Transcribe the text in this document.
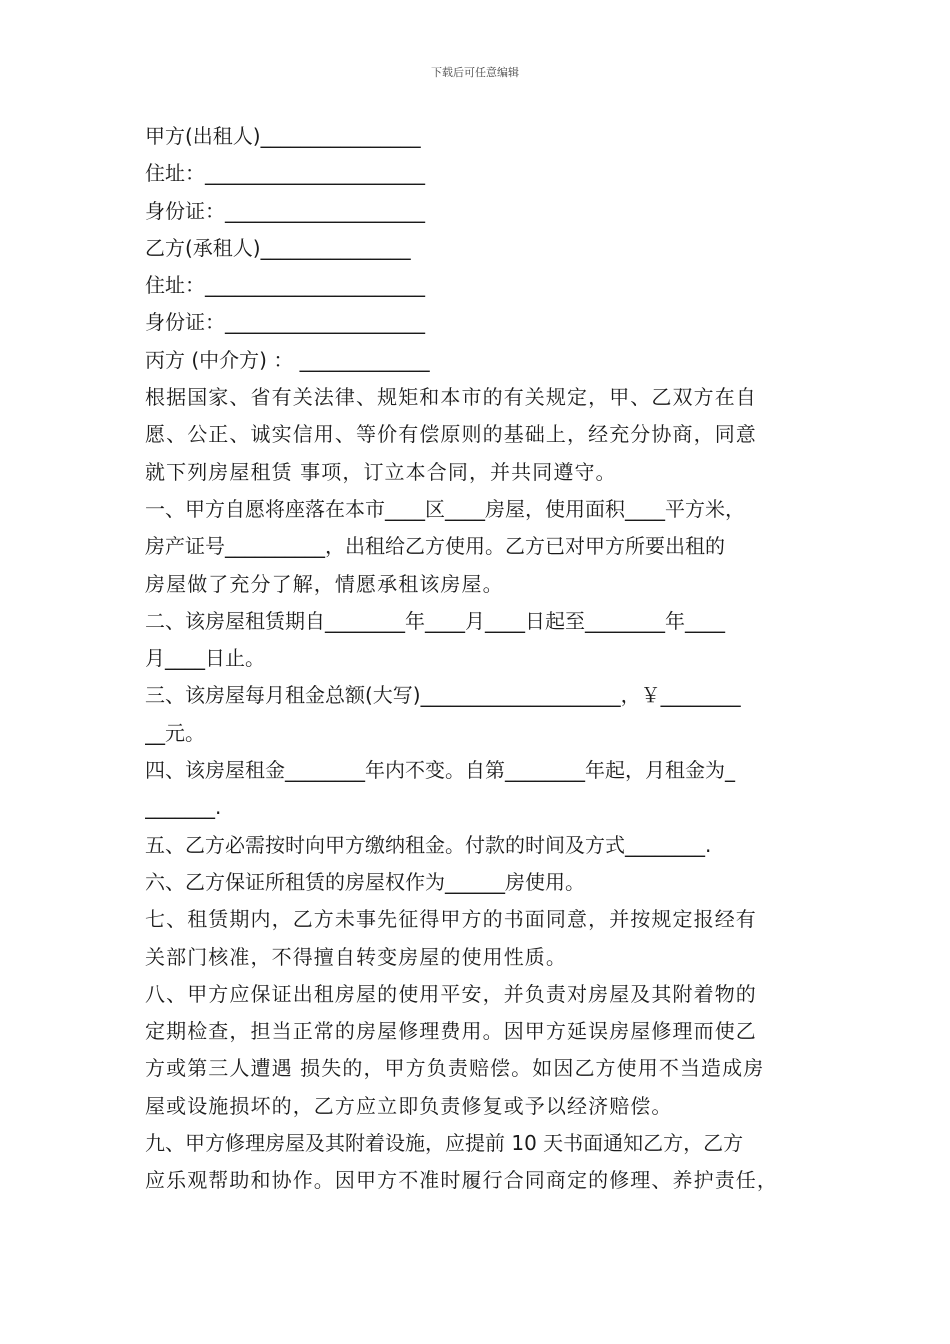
下载后可任意编辑
甲方(出租人)________________
住址：______________________
身份证：____________________
乙方(承租人)_______________
住址：______________________
身份证：____________________
丙方 (中介方) ： _____________
根据国家、省有关法律、规矩和本市的有关规定，甲、乙双方在自
愿、公正、诚实信用、等价有偿原则的基础上，经充分协商，同意
就下列房屋租赁 事项，订立本合同，并共同遵守。
一、甲方自愿将座落在本市____区____房屋，使用面积____平方米，
房产证号__________，出租给乙方使用。乙方已对甲方所要出租的
房屋做了充分了解，情愿承租该房屋。
二、该房屋租赁期自________年____月____日起至________年____
月____日止。
三、该房屋每月租金总额(大写)____________________，￥________
__元。
四、该房屋租金________年内不变。自第________年起，月租金为_
_______.
五、乙方必需按时向甲方缴纳租金。付款的时间及方式________.
六、乙方保证所租赁的房屋权作为______房使用。
七、租赁期内，乙方未事先征得甲方的书面同意，并按规定报经有
关部门核准，不得擅自转变房屋的使用性质。
八、甲方应保证出租房屋的使用平安，并负责对房屋及其附着物的
定期检查，担当正常的房屋修理费用。因甲方延误房屋修理而使乙
方或第三人遭遇 损失的，甲方负责赔偿。如因乙方使用不当造成房
屋或设施损坏的，乙方应立即负责修复或予以经济赔偿。
九、甲方修理房屋及其附着设施，应提前 10 天书面通知乙方，乙方
应乐观帮助和协作。因甲方不准时履行合同商定的修理、养护责任，
